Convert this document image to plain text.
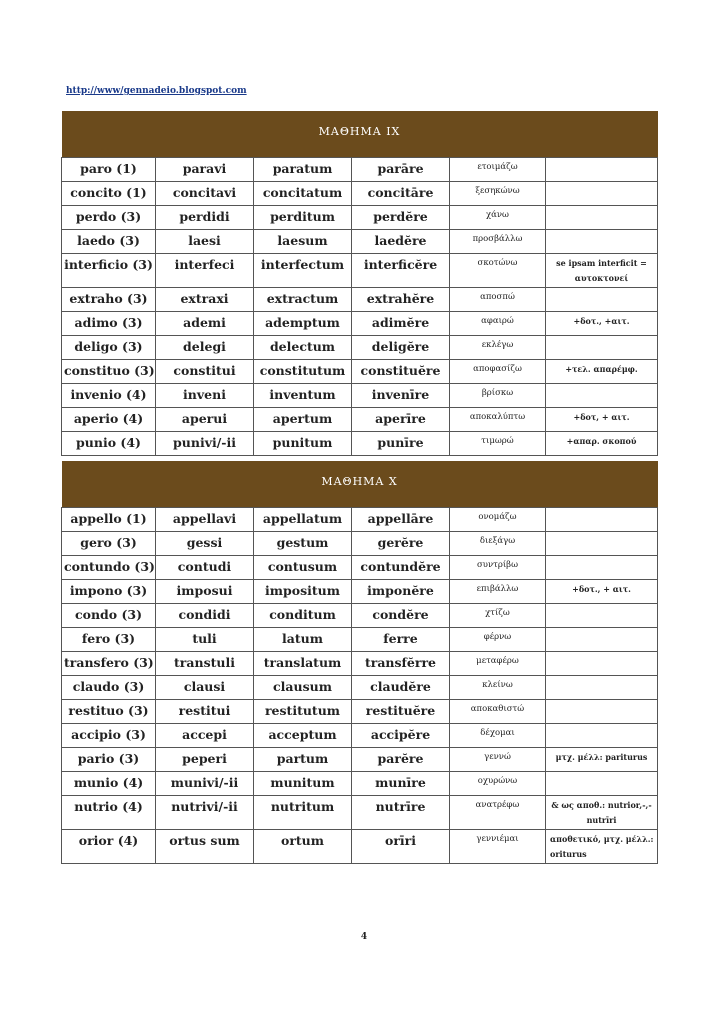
http://www/gennadeio.blogspot.com
ΜΑΘΗΜΑ IX					

paro (1)	paravi	paratum	parāre	ετοιμάζω	
concito (1)	concitavi	concitatum	concitāre	ξεσηκώνω	
perdo (3)	perdidi	perditum	perdĕre	χάνω	
laedo (3)	laesi	laesum	laedĕre	προσβάλλω	
interficio (3)	interfeci	interfectum	interficĕre	σκοτώνω	se ipsam interficit =
αυτοκτονεί

extraho (3)	extraxi	extractum	extrahĕre	αποσπώ	
adimo (3)	ademi	ademptum	adimĕre	αφαιρώ	+δοτ., +αιτ.
deligo (3)	delegi	delectum	deligĕre	εκλέγω	
constituo (3)	constitui	constitutum	constituĕre	αποφασίζω	+τελ. απαρέμφ.
invenio (4)	inveni	inventum	invenīre	βρίσκω	
aperio (4)	aperui	apertum	aperīre	αποκαλύπτω	+δοτ, + αιτ.
punio (4)	punivi/-ii	punitum	punīre	τιμωρώ	+απαρ. σκοπού
ΜΑΘΗΜΑ Χ					

appello (1)	appellavi	appellatum	appellāre	ονομάζω	
gero (3)	gessi	gestum	gerĕre	διεξάγω	
contundo (3)	contudi	contusum	contundĕre	συντρίβω	
impono (3)	imposui	impositum	imponĕre	επιβάλλω	+δοτ., + αιτ.
condo (3)	condidi	conditum	condĕre	χτίζω	
fero (3)	tuli	latum	ferre	φέρνω	
transfero (3)	transtuli	translatum	transfĕrre	μεταφέρω	
claudo (3)	clausi	clausum	claudĕre	κλείνω	
restituo (3)	restitui	restitutum	restituĕre	αποκαθιστώ	
accipio (3)	accepi	acceptum	accipĕre	δέχομαι	
pario (3)	peperi	partum	parĕre	γεννώ	μτχ. μέλλ: pariturus
munio (4)	munivi/-ii	munitum	munīre	οχυρώνω	
nutrio (4)	nutrivi/-ii	nutritum	nutrīre	ανατρέφω	& ως αποθ.: nutrior,-,-
nutrīri

orior (4)	ortus sum	ortum	orīri	γεννιέμαι	αποθετικό, μτχ. μέλλ.:
oriturus
4
